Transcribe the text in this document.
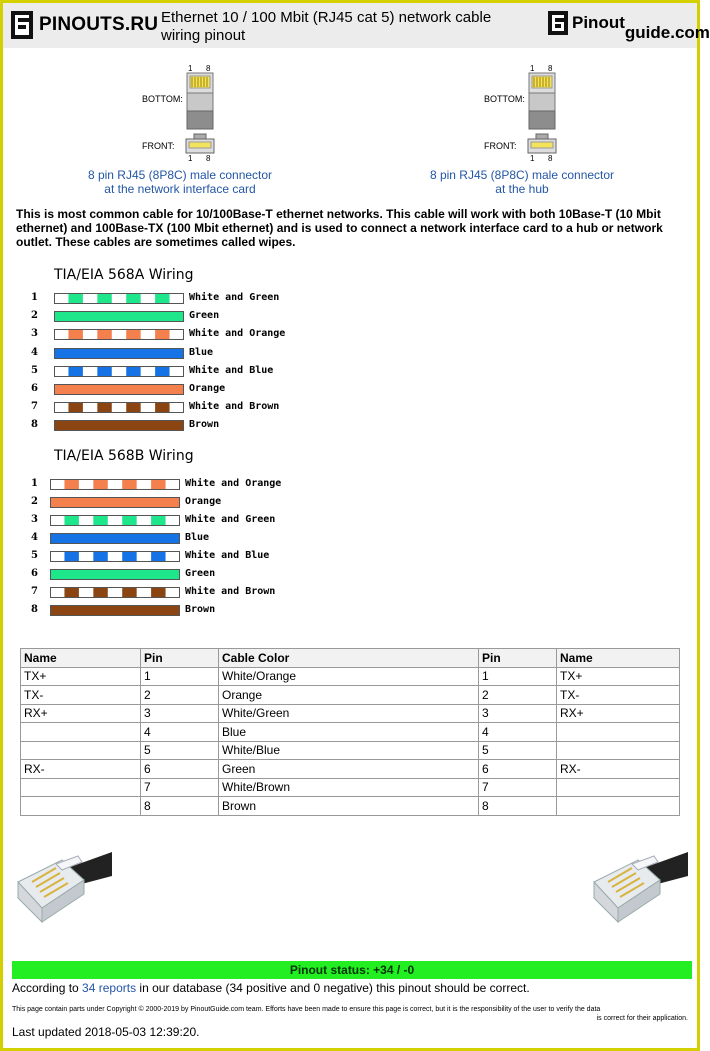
PINOUTS.RU Ethernet 10 / 100 Mbit (RJ45 cat 5) network cable wiring pinout
Pinout
guide.com
1 8
BOTTOM:
FRONT:
1 8
8 pin RJ45 (8P8C) male connector
at the network interface card
1 8
BOTTOM:
FRONT:
1 8
8 pin RJ45 (8P8C) male connector
at the hub
This is most common cable for 10/100Base-T ethernet networks. This cable will work with both 10Base-T (10 Mbit ethernet) and 100Base-TX (100 Mbit ethernet) and is used to connect a network interface card to a hub or network outlet. These cables are sometimes called wipes.
TIA/EIA 568A Wiring
1	White and Green
2	Green
3	White and Orange
4	Blue
5	White and Blue
6	Orange
7	White and Brown
8	Brown
TIA/EIA 568B Wiring
1	White and Orange
2	Orange
3	White and Green
4	Blue
5	White and Blue
6	Green
7	White and Brown
8	Brown
Name	Pin	Cable Color	Pin	Name
TX+	1	White/Orange	1	TX+
TX-	2	Orange	2	TX-
RX+	3	White/Green	3	RX+
	4	Blue	4	
	5	White/Blue	5	
RX-	6	Green	6	RX-
	7	White/Brown	7	
	8	Brown	8	
Pinout status: +34 / -0
According to 34 reports in our database (34 positive and 0 negative) this pinout should be correct.
This page contain parts under Copyright © 2000-2019 by PinoutGuide.com team. Efforts have been made to ensure this page is correct, but it is the responsibility of the user to verify the data
is correct for their application.
Last updated 2018-05-03 12:39:20.
